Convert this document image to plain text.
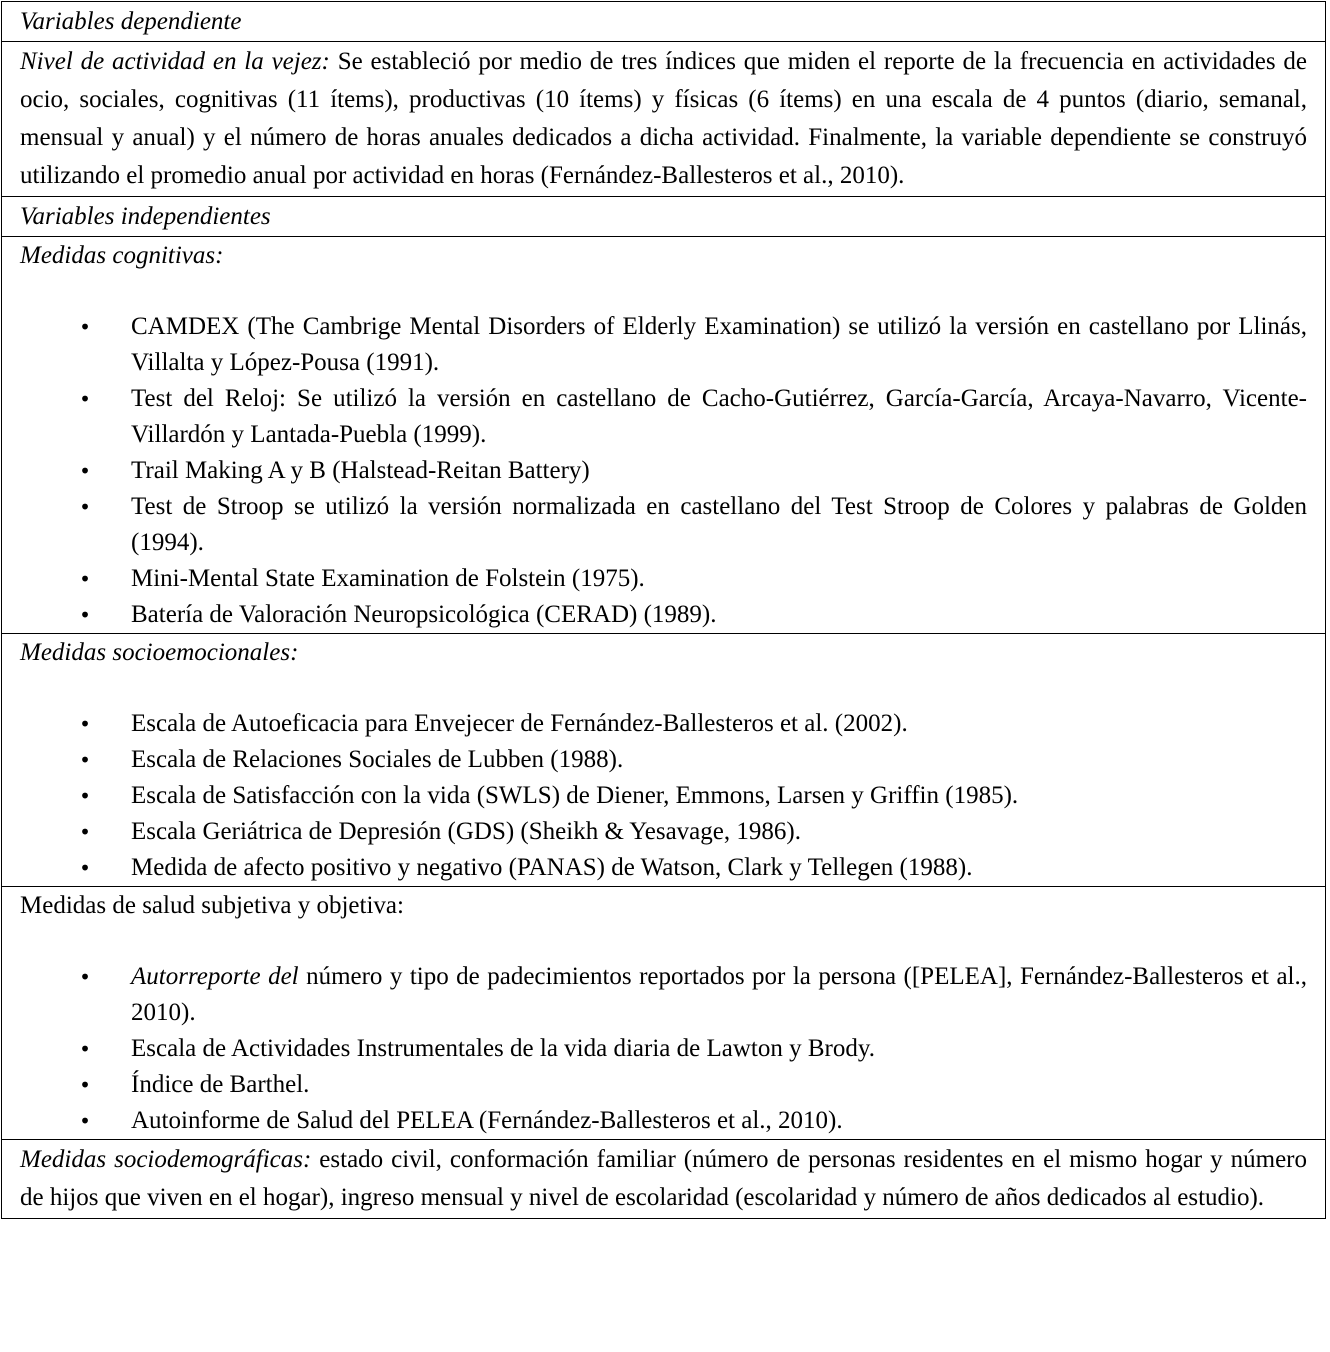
Variables dependiente
Nivel de actividad en la vejez: Se estableció por medio de tres índices que miden el reporte de la frecuencia en actividades de ocio, sociales, cognitivas (11 ítems), productivas (10 ítems) y físicas (6 ítems) en una escala de 4 puntos (diario, semanal, mensual y anual) y el número de horas anuales dedicados a dicha actividad. Finalmente, la variable dependiente se construyó utilizando el promedio anual por actividad en horas (Fernández-Ballesteros et al., 2010).
Variables independientes

Medidas cognitivas:

• CAMDEX (The Cambrige Mental Disorders of Elderly Examination) se utilizó la versión en castellano por Llinás, Villalta y López-Pousa (1991).
• Test del Reloj: Se utilizó la versión en castellano de Cacho-Gutiérrez, García-García, Arcaya-Navarro, Vicente-Villardón y Lantada-Puebla (1999).
• Trail Making A y B (Halstead-Reitan Battery)
• Test de Stroop se utilizó la versión normalizada en castellano del Test Stroop de Colores y palabras de Golden (1994).
• Mini-Mental State Examination de Folstein (1975).
• Batería de Valoración Neuropsicológica (CERAD) (1989).

Medidas socioemocionales:

• Escala de Autoeficacia para Envejecer de Fernández-Ballesteros et al. (2002).
• Escala de Relaciones Sociales de Lubben (1988).
• Escala de Satisfacción con la vida (SWLS) de Diener, Emmons, Larsen y Griffin (1985).
• Escala Geriátrica de Depresión (GDS) (Sheikh & Yesavage, 1986).
• Medida de afecto positivo y negativo (PANAS) de Watson, Clark y Tellegen (1988).

Medidas de salud subjetiva y objetiva:

• Autorreporte del número y tipo de padecimientos reportados por la persona ([PELEA], Fernández-Ballesteros et al., 2010).
• Escala de Actividades Instrumentales de la vida diaria de Lawton y Brody.
• Índice de Barthel.
• Autoinforme de Salud del PELEA (Fernández-Ballesteros et al., 2010).

Medidas sociodemográficas: estado civil, conformación familiar (número de personas residentes en el mismo hogar y número de hijos que viven en el hogar), ingreso mensual y nivel de escolaridad (escolaridad y número de años dedicados al estudio).
